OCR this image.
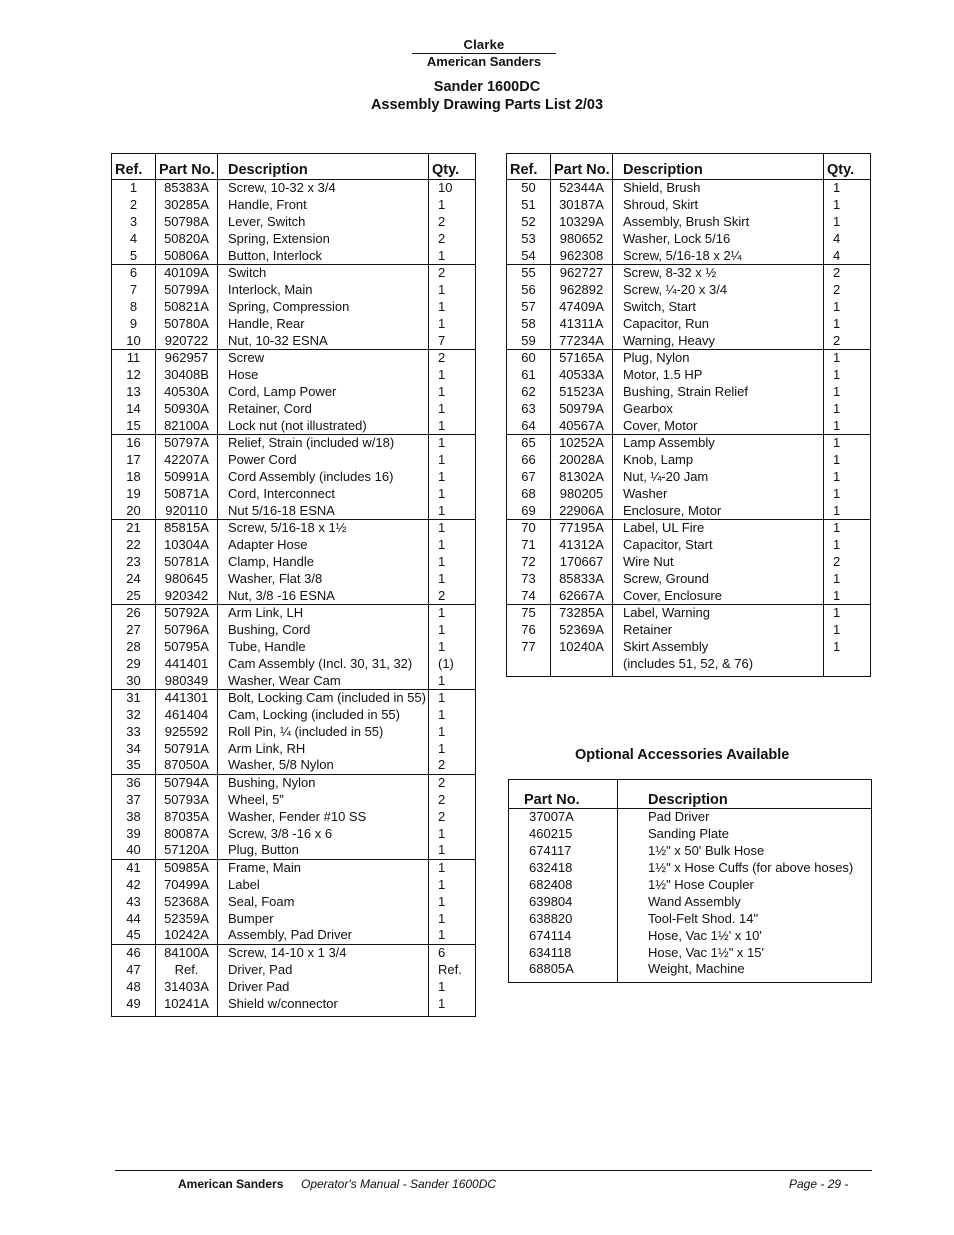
Clarke
American Sanders
Sander 1600DC
Assembly Drawing Parts List 2/03
Ref.	Part No.	Description	Qty.
1	85383A	Screw, 10-32 x 3/4	10
2	30285A	Handle, Front	1
3	50798A	Lever, Switch	2
4	50820A	Spring, Extension	2
5	50806A	Button, Interlock	1
6	40109A	Switch	2
7	50799A	Interlock, Main	1
8	50821A	Spring, Compression	1
9	50780A	Handle, Rear	1
10	920722	Nut, 10-32 ESNA	7
11	962957	Screw	2
12	30408B	Hose	1
13	40530A	Cord, Lamp Power	1
14	50930A	Retainer, Cord	1
15	82100A	Lock nut (not illustrated)	1
16	50797A	Relief, Strain (included w/18)	1
17	42207A	Power Cord	1
18	50991A	Cord Assembly (includes 16)	1
19	50871A	Cord, Interconnect	1
20	920110	Nut 5/16-18 ESNA	1
21	85815A	Screw, 5/16-18 x 1½	1
22	10304A	Adapter Hose	1
23	50781A	Clamp, Handle	1
24	980645	Washer, Flat 3/8	1
25	920342	Nut, 3/8 -16 ESNA	2
26	50792A	Arm Link, LH	1
27	50796A	Bushing, Cord	1
28	50795A	Tube, Handle	1
29	441401	Cam Assembly (Incl. 30, 31, 32)	(1)
30	980349	Washer, Wear Cam	1
31	441301	Bolt, Locking Cam (included in 55)	1
32	461404	Cam, Locking (included in 55)	1
33	925592	Roll Pin, ¼ (included in 55)	1
34	50791A	Arm Link, RH	1
35	87050A	Washer, 5/8 Nylon	2
36	50794A	Bushing, Nylon	2
37	50793A	Wheel, 5"	2
38	87035A	Washer, Fender #10 SS	2
39	80087A	Screw, 3/8 -16 x 6	1
40	57120A	Plug, Button	1
41	50985A	Frame, Main	1
42	70499A	Label	1
43	52368A	Seal, Foam	1
44	52359A	Bumper	1
45	10242A	Assembly, Pad Driver	1
46	84100A	Screw, 14-10 x 1 3/4	6
47	Ref.	Driver, Pad	Ref.
48	31403A	Driver Pad	1
49	10241A	Shield w/connector	1
Ref.	Part No.	Description	Qty.
50	52344A	Shield, Brush	1
51	30187A	Shroud, Skirt	1
52	10329A	Assembly, Brush Skirt	1
53	980652	Washer, Lock 5/16	4
54	962308	Screw, 5/16-18 x 2¼	4
55	962727	Screw, 8-32 x ½	2
56	962892	Screw, ¼-20 x 3/4	2
57	47409A	Switch, Start	1
58	41311A	Capacitor, Run	1
59	77234A	Warning, Heavy	2
60	57165A	Plug, Nylon	1
61	40533A	Motor, 1.5 HP	1
62	51523A	Bushing, Strain Relief	1
63	50979A	Gearbox	1
64	40567A	Cover, Motor	1
65	10252A	Lamp Assembly	1
66	20028A	Knob, Lamp	1
67	81302A	Nut, ¼-20 Jam	1
68	980205	Washer	1
69	22906A	Enclosure, Motor	1
70	77195A	Label, UL Fire	1
71	41312A	Capacitor, Start	1
72	170667	Wire Nut	2
73	85833A	Screw, Ground	1
74	62667A	Cover, Enclosure	1
75	73285A	Label, Warning	1
76	52369A	Retainer	1
77	10240A	Skirt Assembly	1
		(includes 51, 52, & 76)	
Optional Accessories Available
Part No.	Description
37007A	Pad Driver
460215	Sanding Plate
674117	1½" x 50' Bulk Hose
632418	1½" x Hose Cuffs (for above hoses)
682408	1½" Hose Coupler
639804	Wand Assembly
638820	Tool-Felt Shod. 14"
674114	Hose, Vac 1½' x 10'
634118	Hose, Vac 1½" x 15'
68805A	Weight, Machine
American Sanders Operator's Manual - Sander 1600DC	Page - 29 -
